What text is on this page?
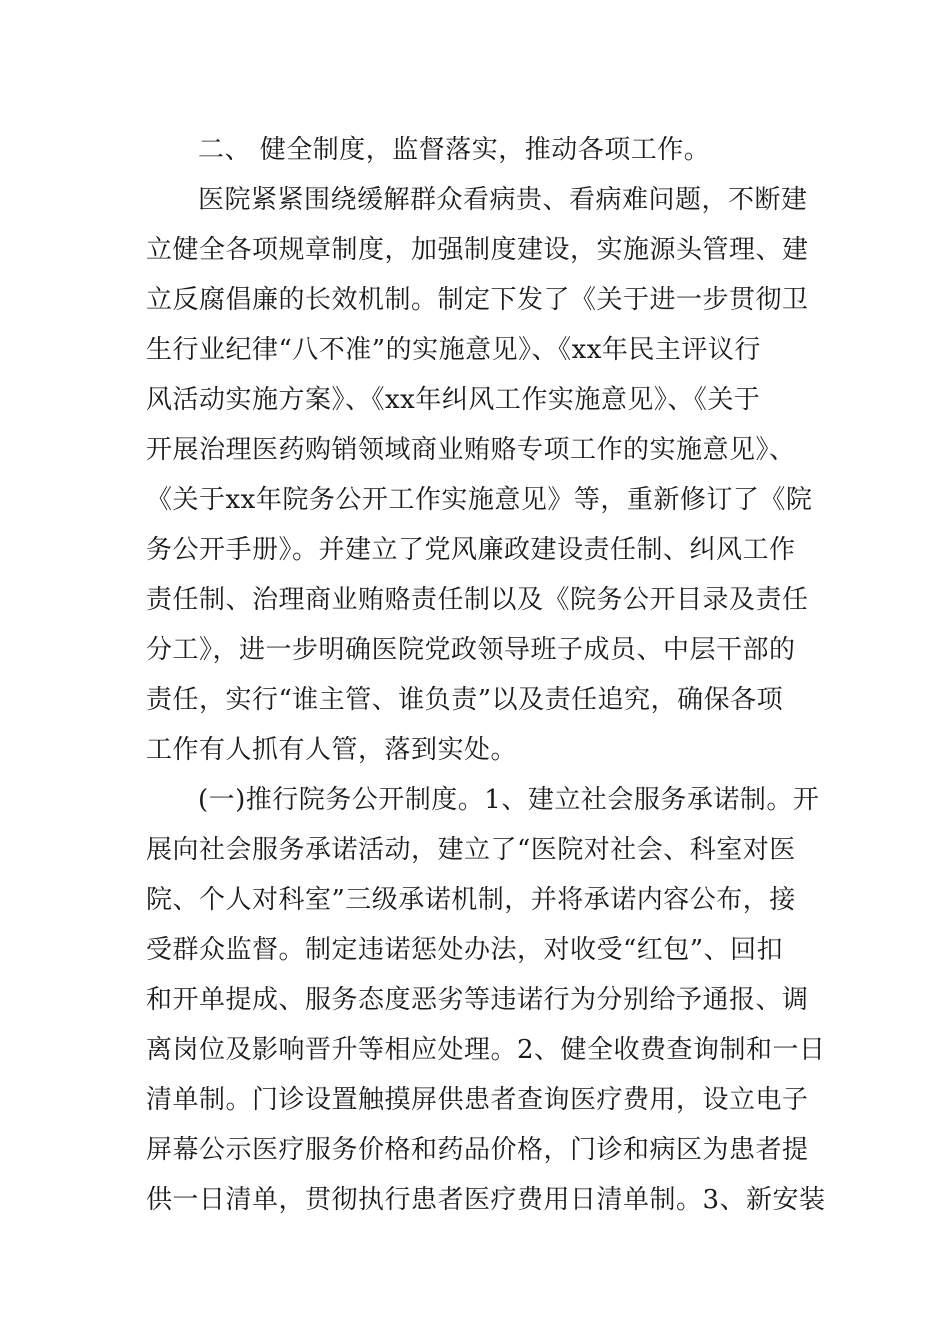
二、 健全制度，监督落实，推动各项工作。
医院紧紧围绕缓解群众看病贵、看病难问题，不断建
立健全各项规章制度，加强制度建设，实施源头管理、建
立反腐倡廉的长效机制。制定下发了《关于进一步贯彻卫
生行业纪律“八不准”的实施意见》、《xx年民主评议行
风活动实施方案》、《xx年纠风工作实施意见》、《关于
开展治理医药购销领域商业贿赂专项工作的实施意见》、
《关于xx年院务公开工作实施意见》等，重新修订了《院
务公开手册》。并建立了党风廉政建设责任制、纠风工作
责任制、治理商业贿赂责任制以及《院务公开目录及责任
分工》，进一步明确医院党政领导班子成员、中层干部的
责任，实行“谁主管、谁负责”以及责任追究，确保各项
工作有人抓有人管，落到实处。
(一)推行院务公开制度。1、建立社会服务承诺制。开
展向社会服务承诺活动，建立了“医院对社会、科室对医
院、个人对科室”三级承诺机制，并将承诺内容公布，接
受群众监督。制定违诺惩处办法，对收受“红包”、回扣
和开单提成、服务态度恶劣等违诺行为分别给予通报、调
离岗位及影响晋升等相应处理。2、健全收费查询制和一日
清单制。门诊设置触摸屏供患者查询医疗费用，设立电子
屏幕公示医疗服务价格和药品价格，门诊和病区为患者提
供一日清单，贯彻执行患者医疗费用日清单制。3、新安装
